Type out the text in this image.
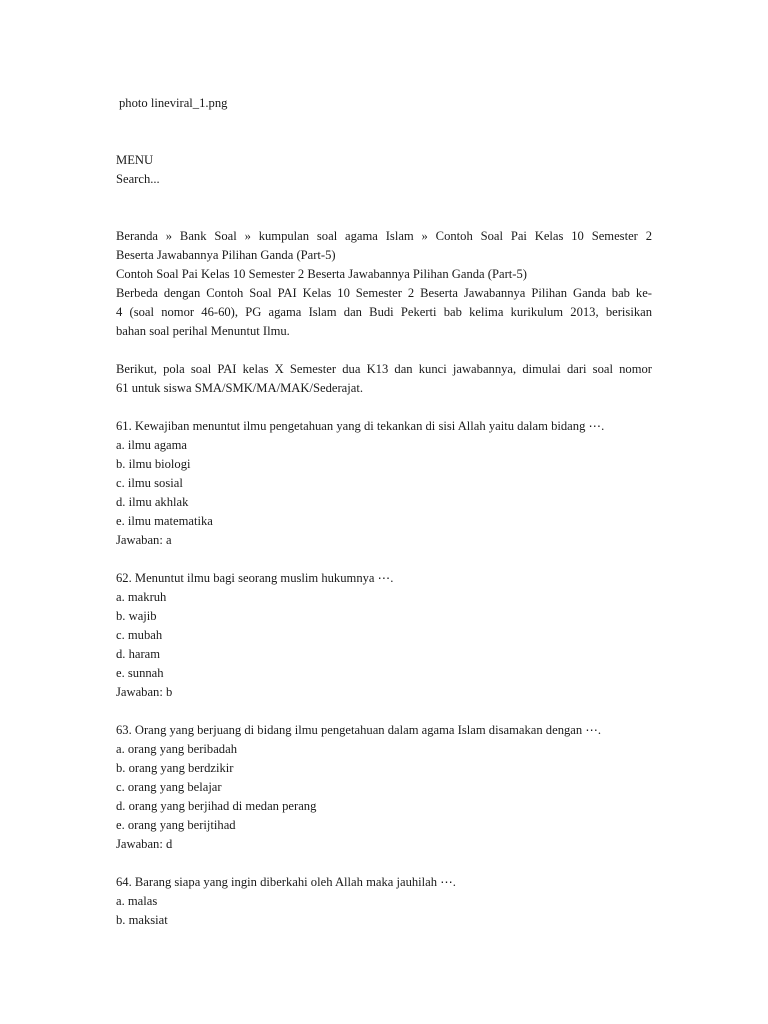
photo lineviral_1.png
MENU
Search...
Beranda » Bank Soal » kumpulan soal agama Islam » Contoh Soal Pai Kelas 10 Semester 2
Beserta Jawabannya Pilihan Ganda (Part-5)
Contoh Soal Pai Kelas 10 Semester 2 Beserta Jawabannya Pilihan Ganda (Part-5)
Berbeda dengan Contoh Soal PAI Kelas 10 Semester 2 Beserta Jawabannya Pilihan Ganda bab ke-
4 (soal nomor 46-60), PG agama Islam dan Budi Pekerti bab kelima kurikulum 2013, berisikan
bahan soal perihal Menuntut Ilmu.
Berikut, pola soal PAI kelas X Semester dua K13 dan kunci jawabannya, dimulai dari soal nomor
61 untuk siswa SMA/SMK/MA/MAK/Sederajat.
61. Kewajiban menuntut ilmu pengetahuan yang di tekankan di sisi Allah yaitu dalam bidang ⋯.
a. ilmu agama
b. ilmu biologi
c. ilmu sosial
d. ilmu akhlak
e. ilmu matematika
Jawaban: a
62. Menuntut ilmu bagi seorang muslim hukumnya ⋯.
a. makruh
b. wajib
c. mubah
d. haram
e. sunnah
Jawaban: b
63. Orang yang berjuang di bidang ilmu pengetahuan dalam agama Islam disamakan dengan ⋯.
a. orang yang beribadah
b. orang yang berdzikir
c. orang yang belajar
d. orang yang berjihad di medan perang
e. orang yang berijtihad
Jawaban: d
64. Barang siapa yang ingin diberkahi oleh Allah maka jauhilah ⋯.
a. malas
b. maksiat
